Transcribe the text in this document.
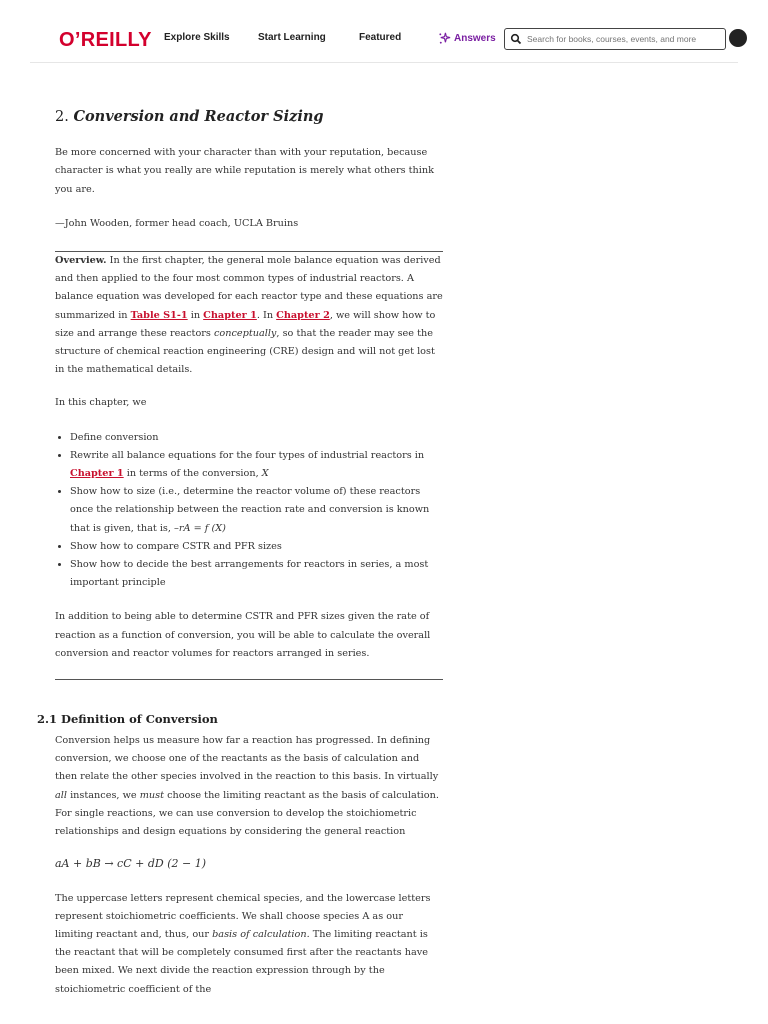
O’REILLY Explore Skills	Start Learning	Featured	Answers
Search for books, courses, events, and more
2. Conversion and Reactor Sizing

Be more concerned with your character than with your reputation, because character is what you really are while reputation is merely what others think you are.

—John Wooden, former head coach, UCLA Bruins

Overview. In the first chapter, the general mole balance equation was derived and then applied to the four most common types of industrial reactors. A balance equation was developed for each reactor type and these equations are summarized in Table S1-1 in Chapter 1. In Chapter 2, we will show how to size and arrange these reactors conceptually, so that the reader may see the structure of chemical reaction engineering (CRE) design and will not get lost in the mathematical details.

In this chapter, we

• Define conversion
• Rewrite all balance equations for the four types of industrial reactors in Chapter 1 in terms of the conversion, X
• Show how to size (i.e., determine the reactor volume of) these reactors once the relationship between the reaction rate and conversion is known that is given, that is, –rA = f (X)
• Show how to compare CSTR and PFR sizes
• Show how to decide the best arrangements for reactors in series, a most important principle

In addition to being able to determine CSTR and PFR sizes given the rate of reaction as a function of conversion, you will be able to calculate the overall conversion and reactor volumes for reactors arranged in series.

Conversion helps us measure how far a reaction has progressed. In defining conversion, we choose one of the reactants as the basis of calculation and then relate the other species involved in the reaction to this basis. In virtually all instances, we must choose the limiting reactant as the basis of calculation. For single reactions, we can use conversion to develop the stoichiometric relationships and design equations by considering the general reaction

aA + bB → cC + dD (2 − 1)

The uppercase letters represent chemical species, and the lowercase letters represent stoichiometric coefficients. We shall choose species A as our limiting reactant and, thus, our basis of calculation. The limiting reactant is the reactant that will be completely consumed first after the reactants have been mixed. We next divide the reaction expression through by the stoichiometric coefficient of the

2.1 Definition of Conversion
